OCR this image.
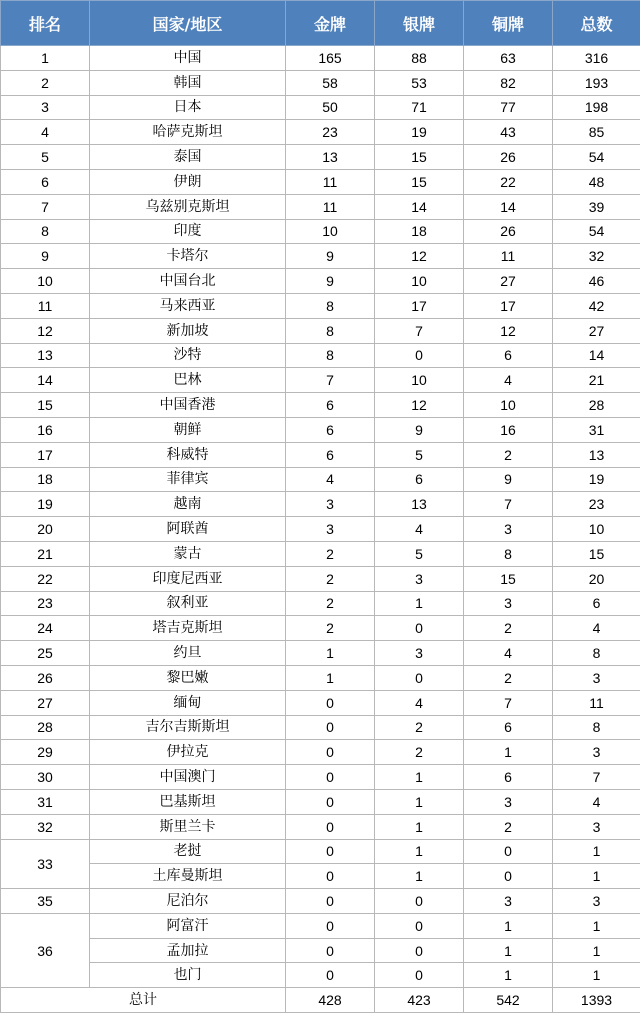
排名	国家/地区	金牌	银牌	铜牌	总数
1	中国	165	88	63	316
2	韩国	58	53	82	193
3	日本	50	71	77	198
4	哈萨克斯坦	23	19	43	85
5	泰国	13	15	26	54
6	伊朗	11	15	22	48
7	乌兹别克斯坦	11	14	14	39
8	印度	10	18	26	54
9	卡塔尔	9	12	11	32
10	中国台北	9	10	27	46
11	马来西亚	8	17	17	42
12	新加坡	8	7	12	27
13	沙特	8	0	6	14
14	巴林	7	10	4	21
15	中国香港	6	12	10	28
16	朝鲜	6	9	16	31
17	科威特	6	5	2	13
18	菲律宾	4	6	9	19
19	越南	3	13	7	23
20	阿联酋	3	4	3	10
21	蒙古	2	5	8	15
22	印度尼西亚	2	3	15	20
23	叙利亚	2	1	3	6
24	塔吉克斯坦	2	0	2	4
25	约旦	1	3	4	8
26	黎巴嫩	1	0	2	3
27	缅甸	0	4	7	11
28	吉尔吉斯斯坦	0	2	6	8
29	伊拉克	0	2	1	3
30	中国澳门	0	1	6	7
31	巴基斯坦	0	1	3	4
32	斯里兰卡	0	1	2	3
33	老挝	0	1	0	1
	土库曼斯坦	0	1	0	1
35	尼泊尔	0	0	3	3
36	阿富汗	0	0	1	1
	孟加拉	0	0	1	1
	也门	0	0	1	1
总计		428	423	542	1393
